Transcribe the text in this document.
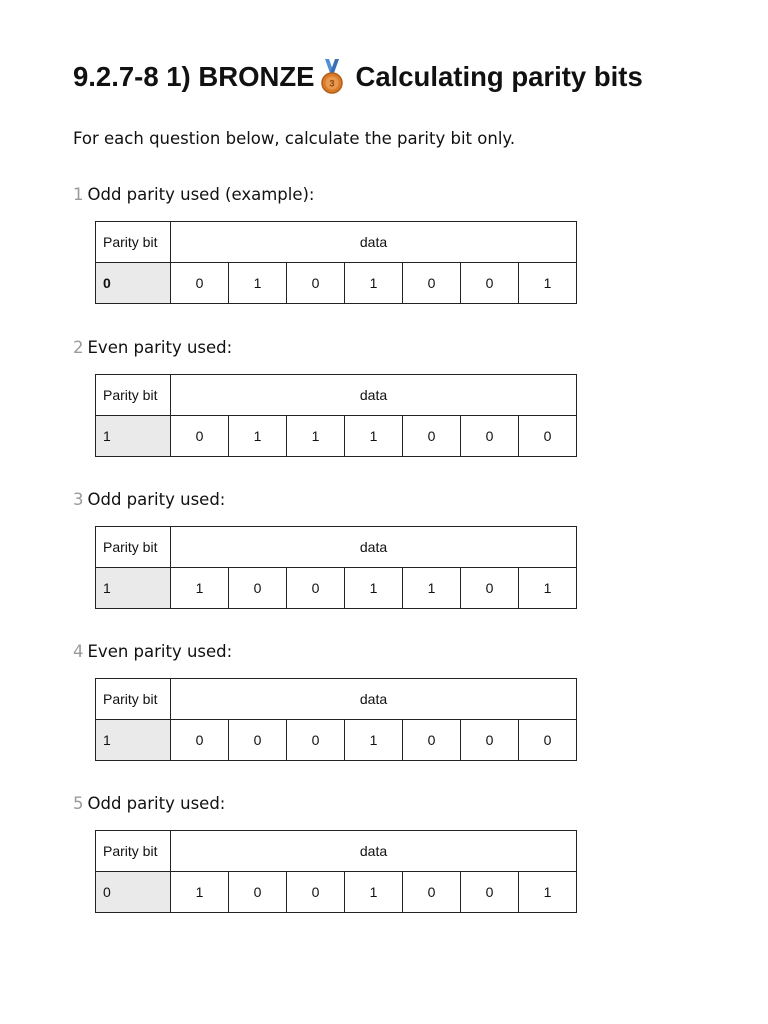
9.2.7-8 1) BRONZE 3 Calculating parity bits

For each question below, calculate the parity bit only.

1 Odd parity used (example):

Parity bit	data						
0	0	1	0	1	0	0	1

2 Even parity used:

Parity bit	data						
1	0	1	1	1	0	0	0

3 Odd parity used:

Parity bit	data						
1	1	0	0	1	1	0	1

4 Even parity used:

Parity bit	data						
1	0	0	0	1	0	0	0

5 Odd parity used:

Parity bit	data						
0	1	0	0	1	0	0	1
